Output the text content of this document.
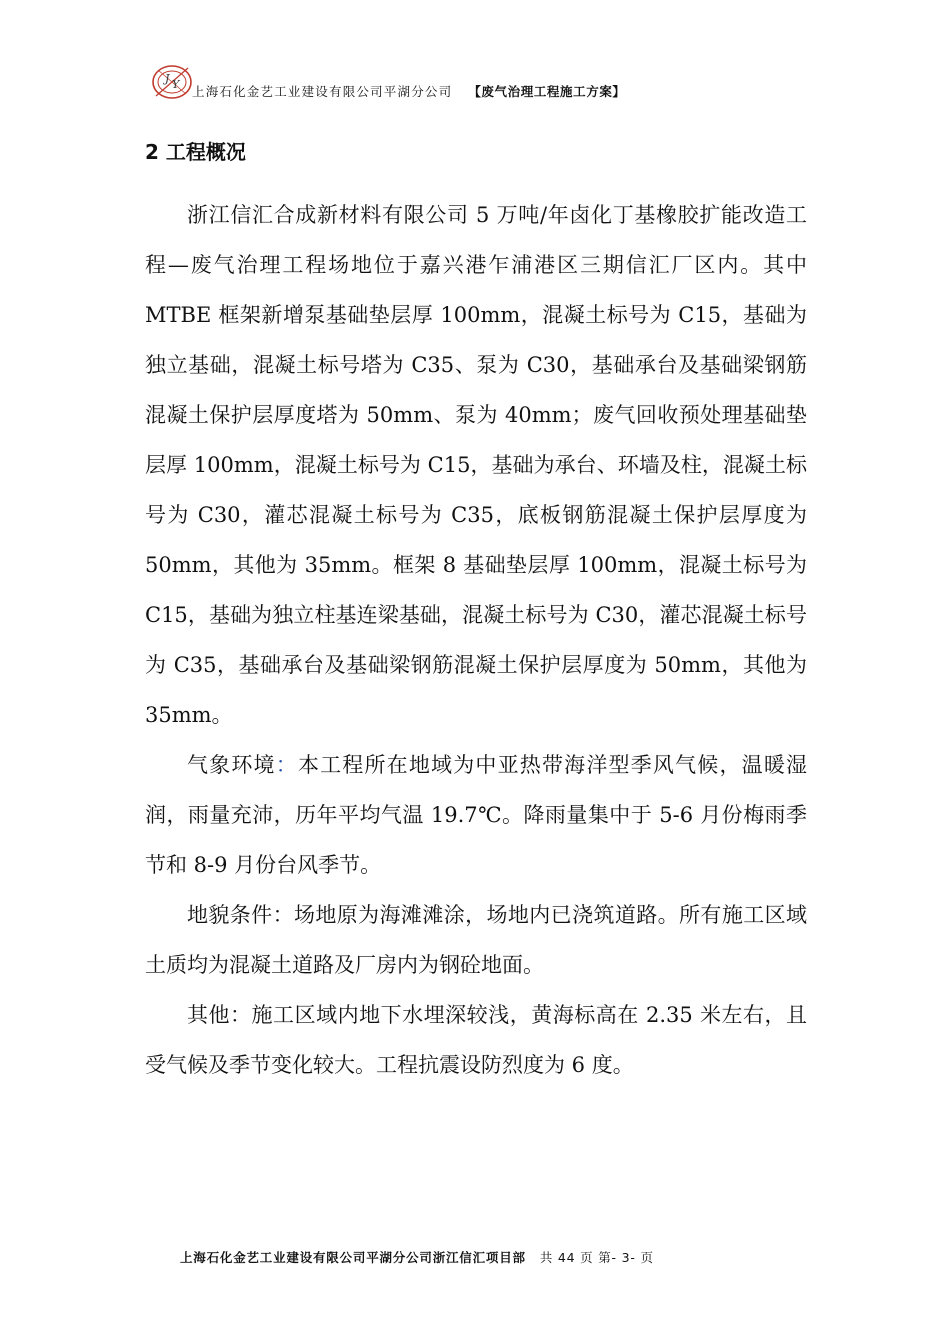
J Y 上海石化金艺工业建设有限公司平湖分公司 【废气治理工程施工方案】
2 工程概况

浙江信汇合成新材料有限公司 5 万吨/年卤化丁基橡胶扩能改造工程—废气治理工程场地位于嘉兴港乍浦港区三期信汇厂区内。其中 MTBE 框架新增泵基础垫层厚 100mm，混凝土标号为 C15，基础为独立基础，混凝土标号塔为 C35、泵为 C30，基础承台及基础梁钢筋混凝土保护层厚度塔为 50mm、泵为 40mm；废气回收预处理基础垫层厚 100mm，混凝土标号为 C15，基础为承台、环墙及柱，混凝土标号为 C30，灌芯混凝土标号为 C35，底板钢筋混凝土保护层厚度为 50mm，其他为 35mm。框架 8 基础垫层厚 100mm，混凝土标号为 C15，基础为独立柱基连梁基础，混凝土标号为 C30，灌芯混凝土标号为 C35，基础承台及基础梁钢筋混凝土保护层厚度为 50mm，其他为 35mm。

气象环境：本工程所在地域为中亚热带海洋型季风气候，温暖湿润，雨量充沛，历年平均气温 19.7℃。降雨量集中于 5-6 月份梅雨季节和 8-9 月份台风季节。

地貌条件：场地原为海滩滩涂，场地内已浇筑道路。所有施工区域土质均为混凝土道路及厂房内为钢砼地面。

其他：施工区域内地下水埋深较浅，黄海标高在 2.35 米左右，且受气候及季节变化较大。工程抗震设防烈度为 6 度。

上海石化金艺工业建设有限公司平湖分公司浙江信汇项目部 共 44 页 第- 3- 页
